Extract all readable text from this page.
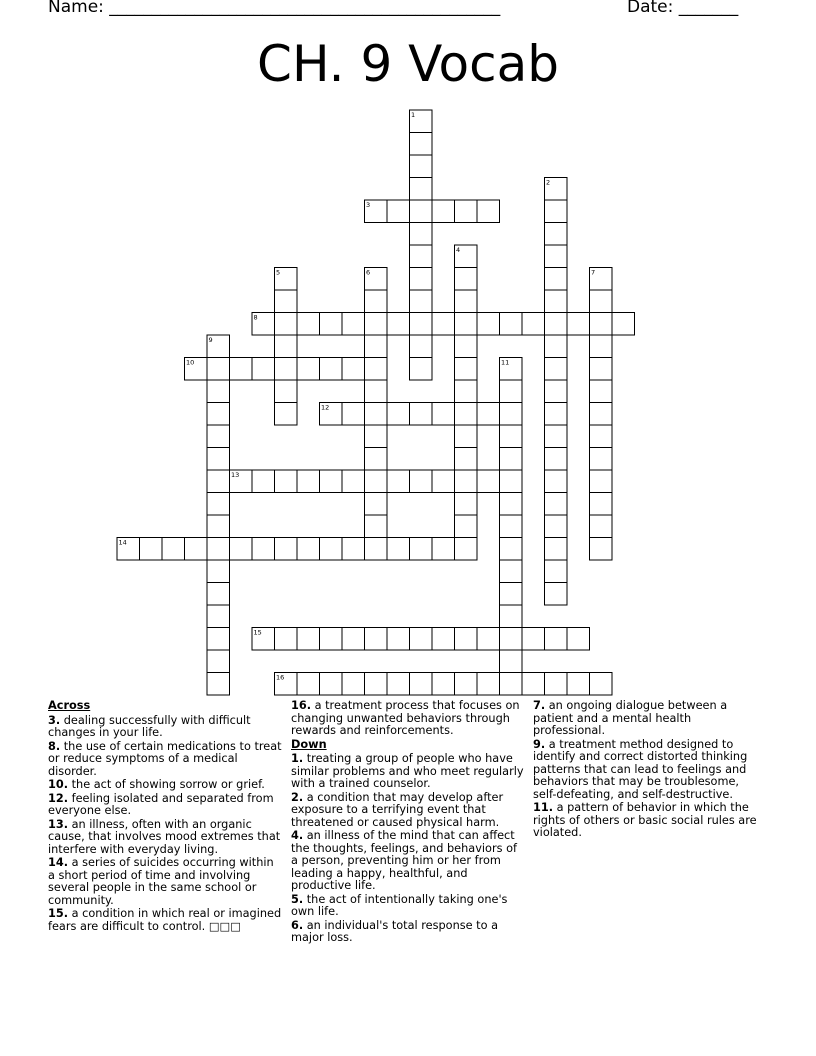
Name: ______________________________________________	Date: _______
CH. 9 Vocab
1
2
3
4
5	6	7
8
9
10	11
12
13
14
15
16
Across
3. dealing successfully with difficult changes in your life.
8. the use of certain medications to treat or reduce symptoms of a medical disorder.
10. the act of showing sorrow or grief.
12. feeling isolated and separated from everyone else.
13. an illness, often with an organic cause, that involves mood extremes that interfere with everyday living.
14. a series of suicides occurring within a short period of time and involving several people in the same school or community.
15. a condition in which real or imagined fears are difficult to control. □□□
16. a treatment process that focuses on changing unwanted behaviors through rewards and reinforcements.
Down
1. treating a group of people who have similar problems and who meet regularly with a trained counselor.
2. a condition that may develop after exposure to a terrifying event that threatened or caused physical harm.
4. an illness of the mind that can affect the thoughts, feelings, and behaviors of a person, preventing him or her from leading a happy, healthful, and productive life.
5. the act of intentionally taking one's own life.
6. an individual's total response to a major loss.
7. an ongoing dialogue between a patient and a mental health professional.
9. a treatment method designed to identify and correct distorted thinking patterns that can lead to feelings and behaviors that may be troublesome, self-defeating, and self-destructive.
11. a pattern of behavior in which the rights of others or basic social rules are violated.
